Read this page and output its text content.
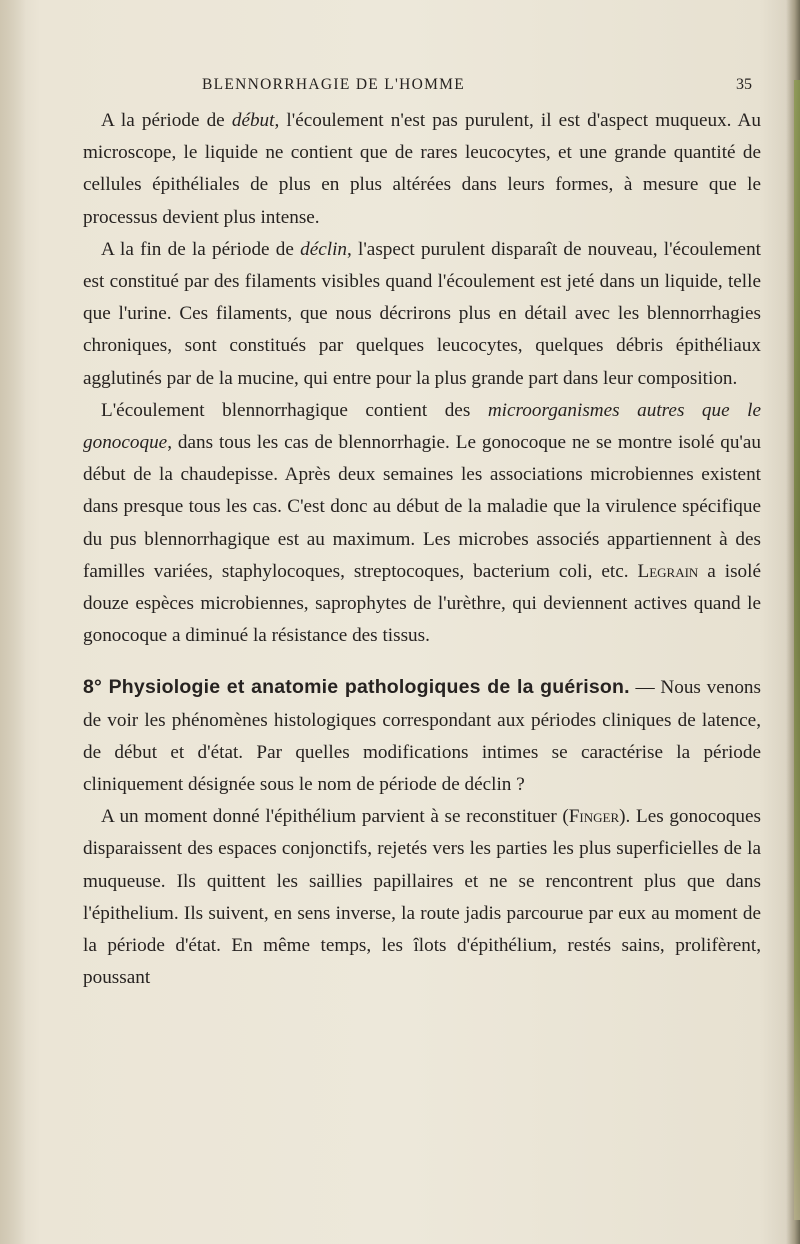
BLENNORRHAGIE DE L'HOMME	35

A la période de début, l'écoulement n'est pas purulent, il est d'aspect muqueux. Au microscope, le liquide ne contient que de rares leucocytes, et une grande quantité de cellules épithéliales de plus en plus altérées dans leurs formes, à mesure que le processus devient plus intense.

A la fin de la période de déclin, l'aspect purulent disparaît de nouveau, l'écoulement est constitué par des filaments visibles quand l'écoulement est jeté dans un liquide, telle que l'urine. Ces filaments, que nous décrirons plus en détail avec les blennorrhagies chroniques, sont constitués par quelques leucocytes, quelques débris épithéliaux agglutinés par de la mucine, qui entre pour la plus grande part dans leur composition.

L'écoulement blennorrhagique contient des microorganismes autres que le gonocoque, dans tous les cas de blennorrhagie. Le gonocoque ne se montre isolé qu'au début de la chaudepisse. Après deux semaines les associations microbiennes existent dans presque tous les cas. C'est donc au début de la maladie que la virulence spécifique du pus blennorrhagique est au maximum. Les microbes associés appartiennent à des familles variées, staphylocoques, streptocoques, bacterium coli, etc. Legrain a isolé douze espèces microbiennes, saprophytes de l'urèthre, qui deviennent actives quand le gonocoque a diminué la résistance des tissus.

8° Physiologie et anatomie pathologiques de la guérison. — Nous venons de voir les phénomènes histologiques correspondant aux périodes cliniques de latence, de début et d'état. Par quelles modifications intimes se caractérise la période cliniquement désignée sous le nom de période de déclin ?

A un moment donné l'épithélium parvient à se reconstituer (Finger). Les gonocoques disparaissent des espaces conjonctifs, rejetés vers les parties les plus superficielles de la muqueuse. Ils quittent les saillies papillaires et ne se rencontrent plus que dans l'épithelium. Ils suivent, en sens inverse, la route jadis parcourue par eux au moment de la période d'état. En même temps, les îlots d'épithélium, restés sains, prolifèrent, poussant
